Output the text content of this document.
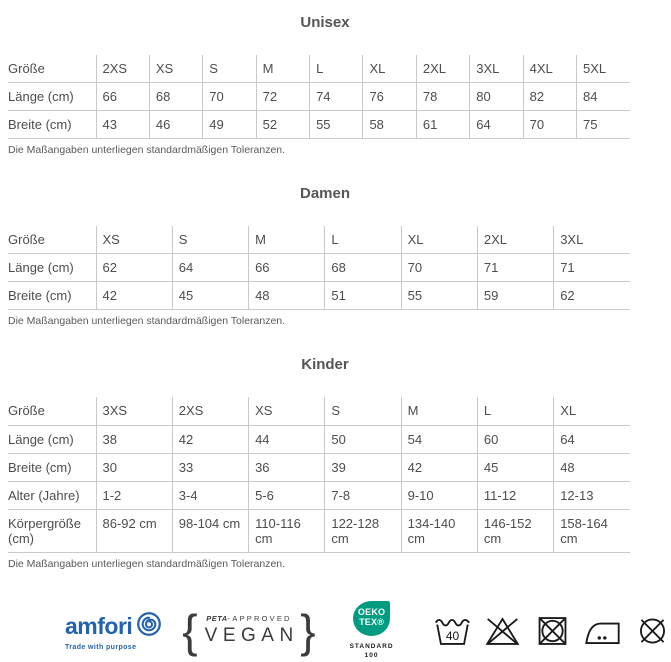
Unisex
Größe	2XS	XS	S	M	L	XL	2XL	3XL	4XL	5XL
Länge (cm)	66	68	70	72	74	76	78	80	82	84
Breite (cm)	43	46	49	52	55	58	61	64	70	75
Die Maßangaben unterliegen standardmäßigen Toleranzen.
Damen
Größe	XS	S	M	L	XL	2XL	3XL
Länge (cm)	62	64	66	68	70	71	71
Breite (cm)	42	45	48	51	55	59	62
Die Maßangaben unterliegen standardmäßigen Toleranzen.
Kinder
Größe	3XS	2XS	XS	S	M	L	XL
Länge (cm)	38	42	44	50	54	60	64
Breite (cm)	30	33	36	39	42	45	48
Alter (Jahre)	1-2	3-4	5-6	7-8	9-10	11-12	12-13
Körpergröße (cm)	86-92 cm	98-104 cm	110-116 cm	122-128 cm	134-140 cm	146-152 cm	158-164 cm
Die Maßangaben unterliegen standardmäßigen Toleranzen.
amfori
Trade with purpose { PETA-APPROVED
VEGAN }	OEKO
TEX®
STANDARD
100
40
